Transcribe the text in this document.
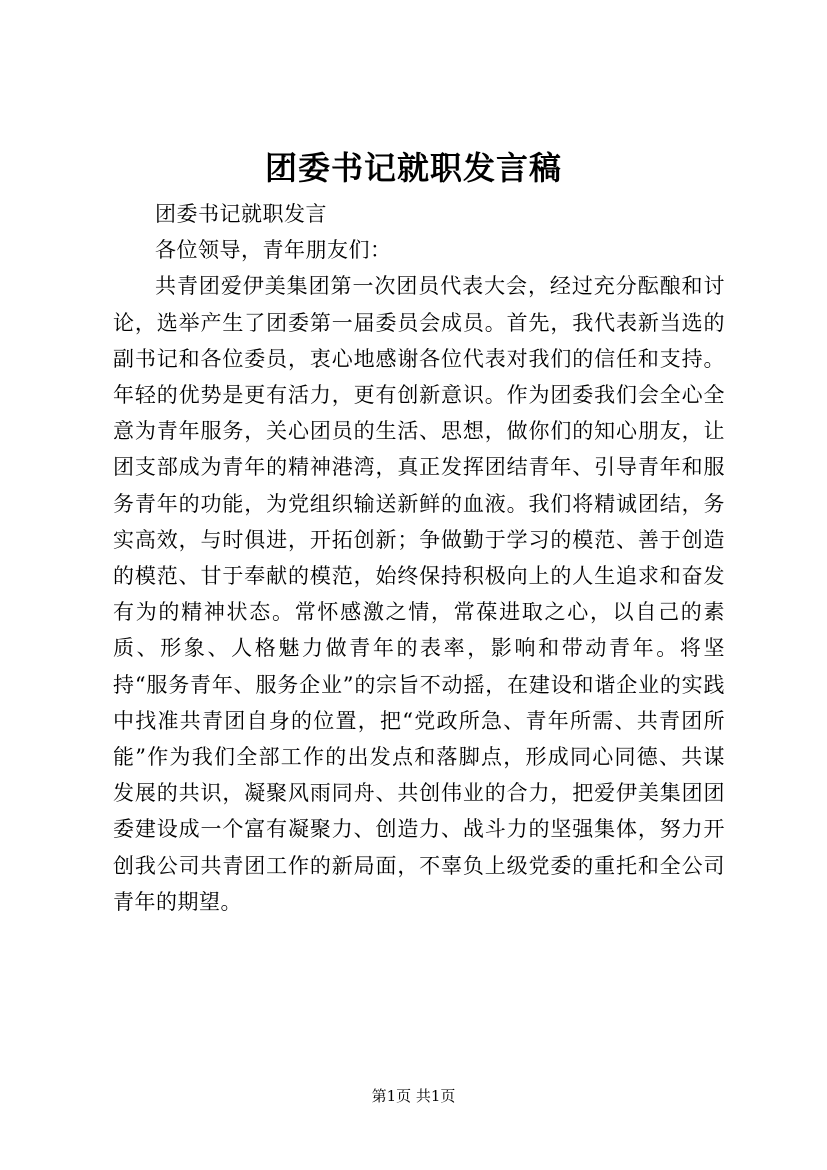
团委书记就职发言稿

团委书记就职发言

各位领导，青年朋友们：

共青团爱伊美集团第一次团员代表大会，经过充分酝酿和讨论，选举产生了团委第一届委员会成员。首先，我代表新当选的副书记和各位委员，衷心地感谢各位代表对我们的信任和支持。年轻的优势是更有活力，更有创新意识。作为团委我们会全心全意为青年服务，关心团员的生活、思想，做你们的知心朋友，让团支部成为青年的精神港湾，真正发挥团结青年、引导青年和服务青年的功能，为党组织输送新鲜的血液。我们将精诚团结，务实高效，与时俱进，开拓创新；争做勤于学习的模范、善于创造的模范、甘于奉献的模范，始终保持积极向上的人生追求和奋发有为的精神状态。常怀感激之情，常葆进取之心，以自己的素质、形象、人格魅力做青年的表率，影响和带动青年。将坚持“服务青年、服务企业”的宗旨不动摇，在建设和谐企业的实践中找准共青团自身的位置，把“党政所急、青年所需、共青团所能”作为我们全部工作的出发点和落脚点，形成同心同德、共谋发展的共识，凝聚风雨同舟、共创伟业的合力，把爱伊美集团团委建设成一个富有凝聚力、创造力、战斗力的坚强集体，努力开创我公司共青团工作的新局面，不辜负上级党委的重托和全公司青年的期望。

第1页 共1页
